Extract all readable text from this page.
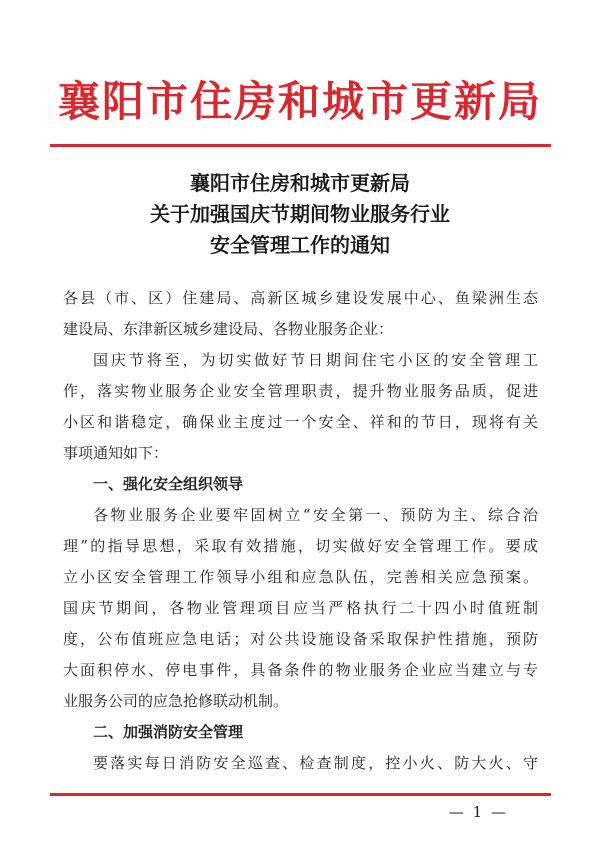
襄阳市住房和城市更新局
襄阳市住房和城市更新局
关于加强国庆节期间物业服务行业
安全管理工作的通知
各县（市、区）住建局、高新区城乡建设发展中心、鱼梁洲生态
建设局、东津新区城乡建设局、各物业服务企业：
国庆节将至，为切实做好节日期间住宅小区的安全管理工
作，落实物业服务企业安全管理职责，提升物业服务品质，促进
小区和谐稳定，确保业主度过一个安全、祥和的节日，现将有关
事项通知如下：
一、强化安全组织领导
各物业服务企业要牢固树立“安全第一、预防为主、综合治
理”的指导思想，采取有效措施，切实做好安全管理工作。要成
立小区安全管理工作领导小组和应急队伍，完善相关应急预案。
国庆节期间，各物业管理项目应当严格执行二十四小时值班制
度，公布值班应急电话；对公共设施设备采取保护性措施，预防
大面积停水、停电事件，具备条件的物业服务企业应当建立与专
业服务公司的应急抢修联动机制。
二、加强消防安全管理
要落实每日消防安全巡查、检查制度，控小火、防大火、守
— 1 —
